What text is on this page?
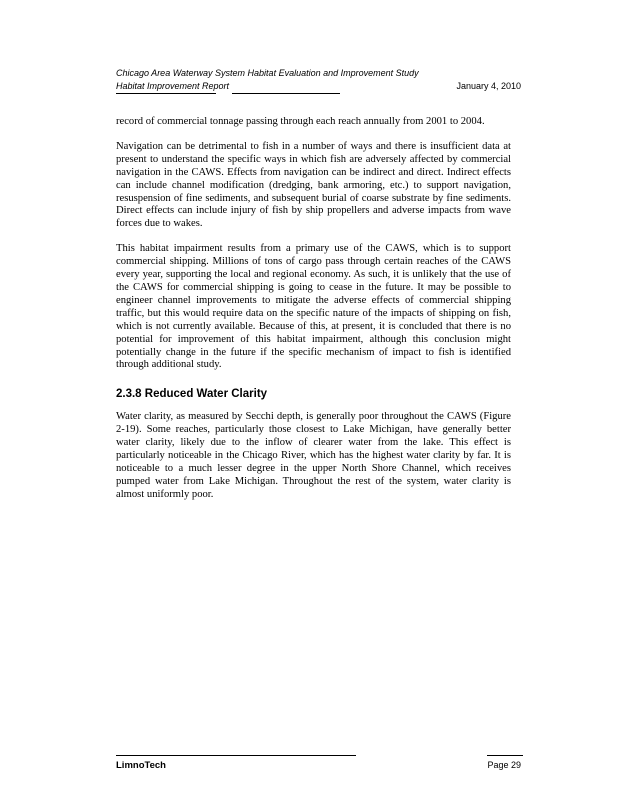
Chicago Area Waterway System Habitat Evaluation and Improvement Study
Habitat Improvement Report	January 4, 2010

record of commercial tonnage passing through each reach annually from 2001 to 2004.

Navigation can be detrimental to fish in a number of ways and there is insufficient data at present to understand the specific ways in which fish are adversely affected by commercial navigation in the CAWS. Effects from navigation can be indirect and direct. Indirect effects can include channel modification (dredging, bank armoring, etc.) to support navigation, resuspension of fine sediments, and subsequent burial of coarse substrate by fine sediments. Direct effects can include injury of fish by ship propellers and adverse impacts from wave forces due to wakes.

This habitat impairment results from a primary use of the CAWS, which is to support commercial shipping. Millions of tons of cargo pass through certain reaches of the CAWS every year, supporting the local and regional economy. As such, it is unlikely that the use of the CAWS for commercial shipping is going to cease in the future. It may be possible to engineer channel improvements to mitigate the adverse effects of commercial shipping traffic, but this would require data on the specific nature of the impacts of shipping on fish, which is not currently available. Because of this, at present, it is concluded that there is no potential for improvement of this habitat impairment, although this conclusion might potentially change in the future if the specific mechanism of impact to fish is identified through additional study.

2.3.8 Reduced Water Clarity

Water clarity, as measured by Secchi depth, is generally poor throughout the CAWS (Figure 2-19). Some reaches, particularly those closest to Lake Michigan, have generally better water clarity, likely due to the inflow of clearer water from the lake. This effect is particularly noticeable in the Chicago River, which has the highest water clarity by far. It is noticeable to a much lesser degree in the upper North Shore Channel, which receives pumped water from Lake Michigan. Throughout the rest of the system, water clarity is almost uniformly poor.

LimnoTech	Page 29
